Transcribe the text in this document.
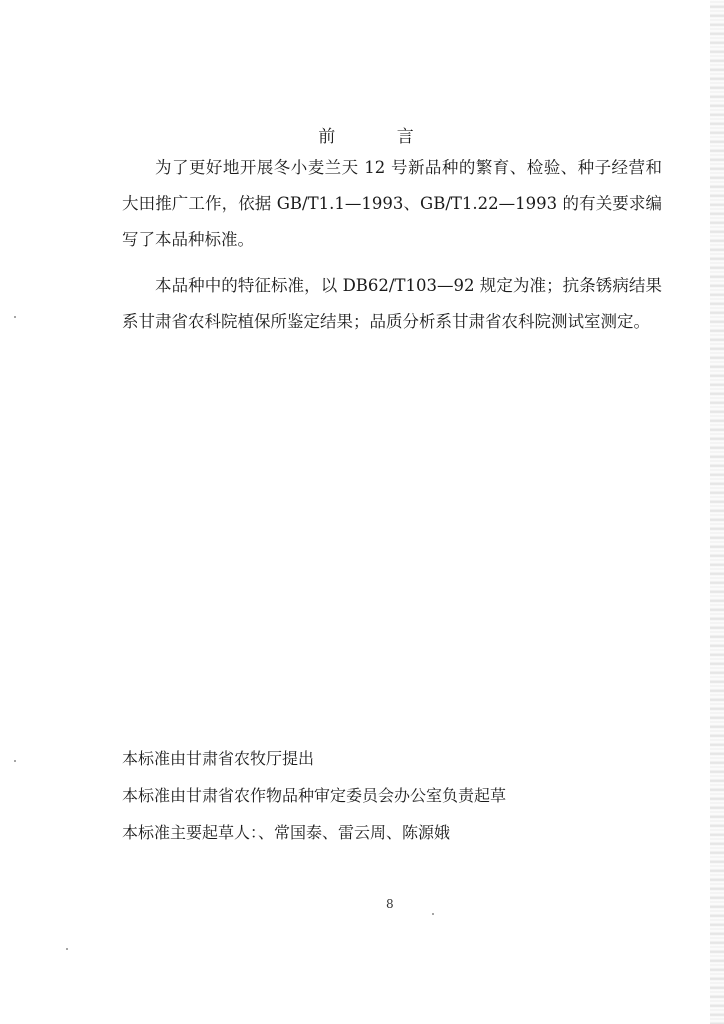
前 言

为了更好地开展冬小麦兰天 12 号新品种的繁育、检验、种子经营和大田推广工作，依据 GB/T1.1—1993、GB/T1.22—1993 的有关要求编写了本品种标准。

本品种中的特征标准，以 DB62/T103—92 规定为准；抗条锈病结果系甘肃省农科院植保所鉴定结果；品质分析系甘肃省农科院测试室测定。

本标准由甘肃省农牧厅提出
本标准由甘肃省农作物品种审定委员会办公室负责起草
本标准主要起草人：、常国泰、雷云周、陈源娥
8
